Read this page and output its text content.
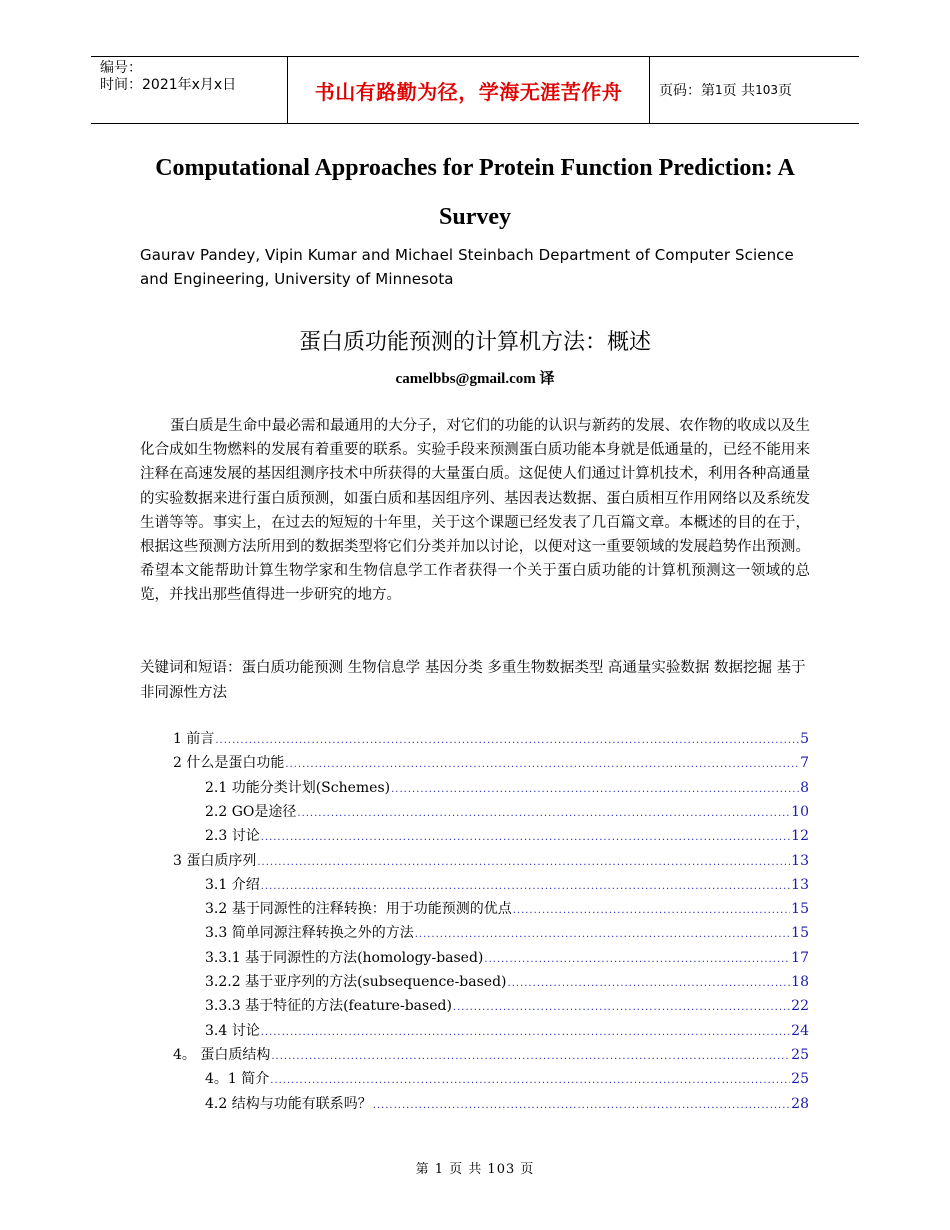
编号：
时间：2021年x月x日	书山有路勤为径，学海无涯苦作舟	页码：第 1 页 共 103 页
Computational Approaches for Protein Function Prediction: A
Survey
Gaurav Pandey, Vipin Kumar and Michael Steinbach Department of Computer Science and Engineering, University of Minnesota
蛋白质功能预测的计算机方法：概述
camelbbs@gmail.com 译

蛋白质是生命中最必需和最通用的大分子，对它们的功能的认识与新药的发展、农作物的收成以及生化合成如生物燃料的发展有着重要的联系。实验手段来预测蛋白质功能本身就是低通量的，已经不能用来注释在高速发展的基因组测序技术中所获得的大量蛋白质。这促使人们通过计算机技术，利用各种高通量的实验数据来进行蛋白质预测，如蛋白质和基因组序列、基因表达数据、蛋白质相互作用网络以及系统发生谱等等。事实上，在过去的短短的十年里，关于这个课题已经发表了几百篇文章。本概述的目的在于，根据这些预测方法所用到的数据类型将它们分类并加以讨论，以便对这一重要领域的发展趋势作出预测。希望本文能帮助计算生物学家和生物信息学工作者获得一个关于蛋白质功能的计算机预测这一领域的总览，并找出那些值得进一步研究的地方。

关键词和短语：蛋白质功能预测 生物信息学 基因分类 多重生物数据类型 高通量实验数据 数据挖掘 基于非同源性方法

1 前言 .....	5
2 什么是蛋白功能 .....	7
2.1 功能分类计划(Schemes) .....	8
2.2 GO是途径 .....	10
2.3 讨论 .....	12
3 蛋白质序列 .....	13
3.1 介绍 .....	13
3.2 基于同源性的注释转换：用于功能预测的优点 .....	15
3.3 简单同源注释转换之外的方法 .....	15
3.3.1 基于同源性的方法(homology-based) .....	17
3.2.2 基于亚序列的方法(subsequence-based) .....	18
3.3.3 基于特征的方法(feature-based) .....	22
3.4 讨论 .....	24
4。 蛋白质结构 .....	25
4。1 简介 .....	25
4.2 结构与功能有联系吗？ .....	28
第 1 页 共 103 页
